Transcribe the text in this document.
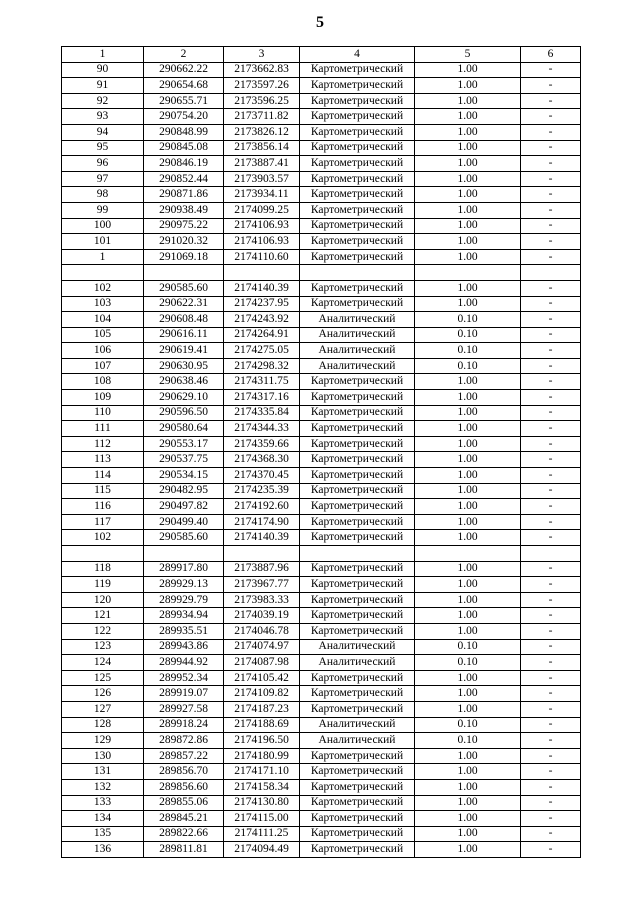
5
1	2	3	4	5	6
90	290662.22	2173662.83	Картометрический	1.00	-
91	290654.68	2173597.26	Картометрический	1.00	-
92	290655.71	2173596.25	Картометрический	1.00	-
93	290754.20	2173711.82	Картометрический	1.00	-
94	290848.99	2173826.12	Картометрический	1.00	-
95	290845.08	2173856.14	Картометрический	1.00	-
96	290846.19	2173887.41	Картометрический	1.00	-
97	290852.44	2173903.57	Картометрический	1.00	-
98	290871.86	2173934.11	Картометрический	1.00	-
99	290938.49	2174099.25	Картометрический	1.00	-
100	290975.22	2174106.93	Картометрический	1.00	-
101	291020.32	2174106.93	Картометрический	1.00	-
1	291069.18	2174110.60	Картометрический	1.00	-

102	290585.60	2174140.39	Картометрический	1.00	-
103	290622.31	2174237.95	Картометрический	1.00	-
104	290608.48	2174243.92	Аналитический	0.10	-
105	290616.11	2174264.91	Аналитический	0.10	-
106	290619.41	2174275.05	Аналитический	0.10	-
107	290630.95	2174298.32	Аналитический	0.10	-
108	290638.46	2174311.75	Картометрический	1.00	-
109	290629.10	2174317.16	Картометрический	1.00	-
110	290596.50	2174335.84	Картометрический	1.00	-
111	290580.64	2174344.33	Картометрический	1.00	-
112	290553.17	2174359.66	Картометрический	1.00	-
113	290537.75	2174368.30	Картометрический	1.00	-
114	290534.15	2174370.45	Картометрический	1.00	-
115	290482.95	2174235.39	Картометрический	1.00	-
116	290497.82	2174192.60	Картометрический	1.00	-
117	290499.40	2174174.90	Картометрический	1.00	-
102	290585.60	2174140.39	Картометрический	1.00	-

118	289917.80	2173887.96	Картометрический	1.00	-
119	289929.13	2173967.77	Картометрический	1.00	-
120	289929.79	2173983.33	Картометрический	1.00	-
121	289934.94	2174039.19	Картометрический	1.00	-
122	289935.51	2174046.78	Картометрический	1.00	-
123	289943.86	2174074.97	Аналитический	0.10	-
124	289944.92	2174087.98	Аналитический	0.10	-
125	289952.34	2174105.42	Картометрический	1.00	-
126	289919.07	2174109.82	Картометрический	1.00	-
127	289927.58	2174187.23	Картометрический	1.00	-
128	289918.24	2174188.69	Аналитический	0.10	-
129	289872.86	2174196.50	Аналитический	0.10	-
130	289857.22	2174180.99	Картометрический	1.00	-
131	289856.70	2174171.10	Картометрический	1.00	-
132	289856.60	2174158.34	Картометрический	1.00	-
133	289855.06	2174130.80	Картометрический	1.00	-
134	289845.21	2174115.00	Картометрический	1.00	-
135	289822.66	2174111.25	Картометрический	1.00	-
136	289811.81	2174094.49	Картометрический	1.00	-
